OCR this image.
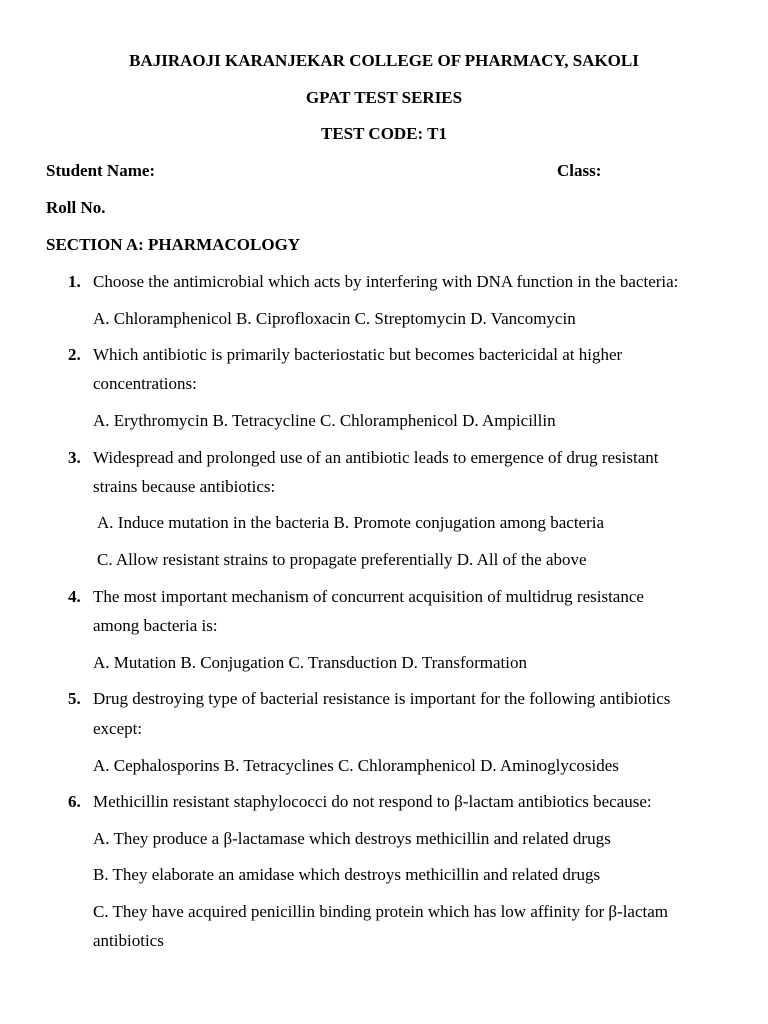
BAJIRAOJI KARANJEKAR COLLEGE OF PHARMACY, SAKOLI
GPAT TEST SERIES
TEST CODE: T1
Student Name:	Class:
Roll No.
SECTION A: PHARMACOLOGY
1. Choose the antimicrobial which acts by interfering with DNA function in the bacteria:
A. Chloramphenicol B. Ciprofloxacin C. Streptomycin D. Vancomycin
2. Which antibiotic is primarily bacteriostatic but becomes bactericidal at higher
concentrations:
A. Erythromycin B. Tetracycline C. Chloramphenicol D. Ampicillin
3. Widespread and prolonged use of an antibiotic leads to emergence of drug resistant
strains because antibiotics:
A. Induce mutation in the bacteria B. Promote conjugation among bacteria
C. Allow resistant strains to propagate preferentially D. All of the above
4. The most important mechanism of concurrent acquisition of multidrug resistance
among bacteria is:
A. Mutation B. Conjugation C. Transduction D. Transformation
5. Drug destroying type of bacterial resistance is important for the following antibiotics
except:
A. Cephalosporins B. Tetracyclines C. Chloramphenicol D. Aminoglycosides
6. Methicillin resistant staphylococci do not respond to β-lactam antibiotics because:
A. They produce a β-lactamase which destroys methicillin and related drugs
B. They elaborate an amidase which destroys methicillin and related drugs
C. They have acquired penicillin binding protein which has low affinity for β-lactam
antibiotics
